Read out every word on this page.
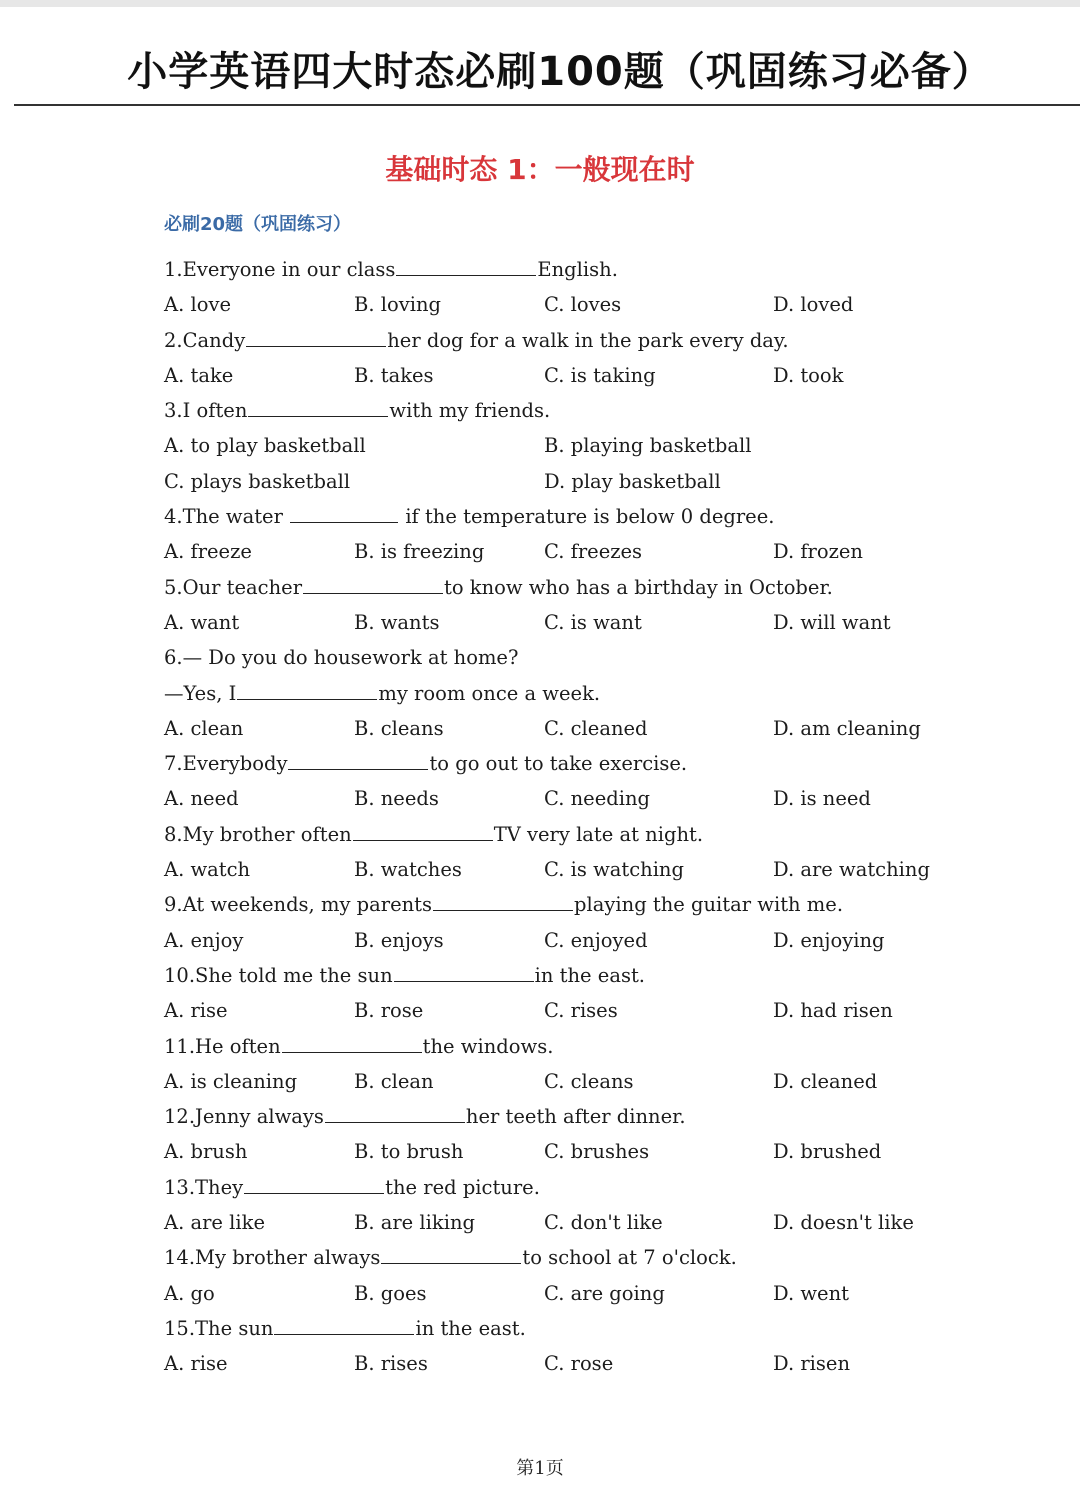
小学英语四大时态必刷100题（巩固练习必备）
基础时态 1：一般现在时
必刷20题（巩固练习）
1.Everyone in our class	English.
A. love	B. loving	C. loves	D. loved
2.Candy	her dog for a walk in the park every day.
A. take	B. takes	C. is taking	D. took
3.I often	with my friends.
A. to play basketball	B. playing basketball
C. plays basketball	D. play basketball
4.The water	if the temperature is below 0 degree.
A. freeze	B. is freezing	C. freezes	D. frozen
5.Our teacher	to know who has a birthday in October.
A. want	B. wants	C. is want	D. will want
6.— Do you do housework at home?
—Yes, I	my room once a week.
A. clean	B. cleans	C. cleaned	D. am cleaning
7.Everybody	to go out to take exercise.
A. need	B. needs	C. needing	D. is need
8.My brother often	TV very late at night.
A. watch	B. watches	C. is watching	D. are watching
9.At weekends, my parents	playing the guitar with me.
A. enjoy	B. enjoys	C. enjoyed	D. enjoying
10.She told me the sun	in the east.
A. rise	B. rose	C. rises	D. had risen
11.He often	the windows.
A. is cleaning	B. clean	C. cleans	D. cleaned
12.Jenny always	her teeth after dinner.
A. brush	B. to brush	C. brushes	D. brushed
13.They	the red picture.
A. are like	B. are liking	C. don't like	D. doesn't like
14.My brother always	to school at 7 o'clock.
A. go	B. goes	C. are going	D. went
15.The sun	in the east.
A. rise	B. rises	C. rose	D. risen
第1页
